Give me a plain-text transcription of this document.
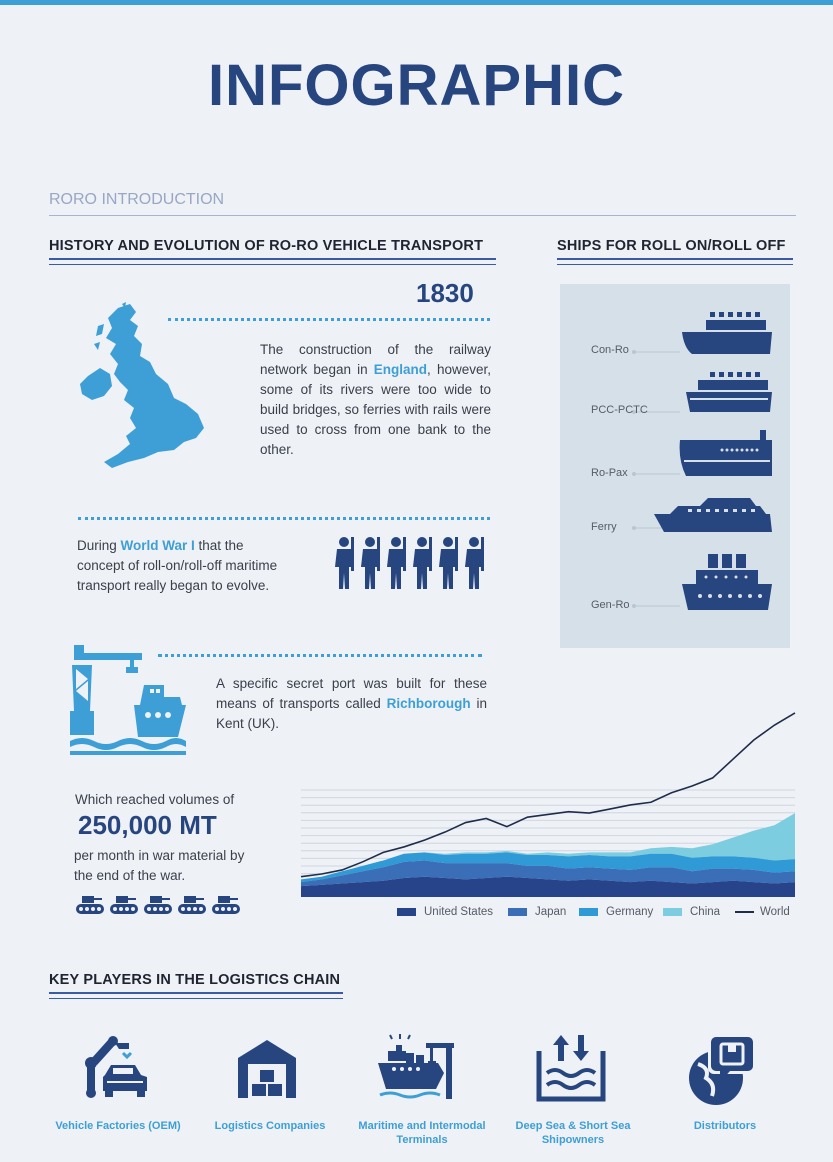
INFOGRAPHIC
RORO INTRODUCTION
HISTORY AND EVOLUTION OF RO-RO VEHICLE TRANSPORT	SHIPS FOR ROLL ON/ROLL OFF
1830
The construction of the railway network began in England, however, some of its rivers were too wide to build bridges, so ferries with rails were used to cross from one bank to the other.
During World War I that the concept of roll-on/roll-off maritime transport really began to evolve.
A specific secret port was built for these means of transports called Richborough in Kent (UK).
Which reached volumes of
250,000 MT
per month in war material by the end of the war.
Con-Ro
PCC-PCTC
Ro-Pax
Ferry
Gen-Ro
United States	Japan	Germany	China	World
KEY PLAYERS IN THE LOGISTICS CHAIN
Vehicle Factories (OEM)	Logistics Companies	Maritime and Intermodal Terminals
Deep Sea & Short Sea Shipowners
Distributors
